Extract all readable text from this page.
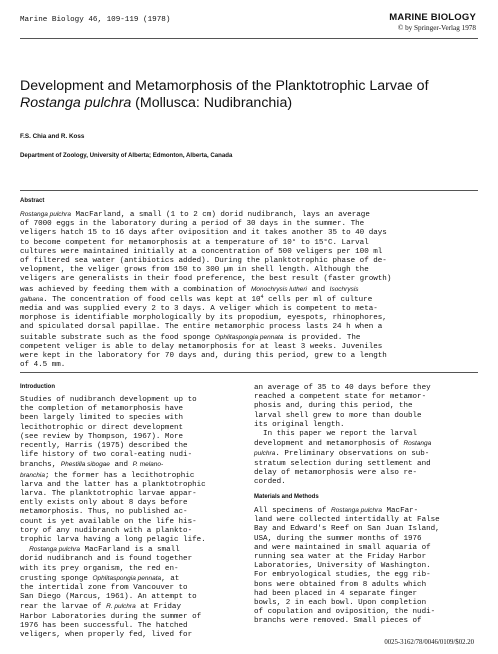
Marine Biology 46, 109-119 (1978)	MARINE BIOLOGY
© by Springer-Verlag 1978
Development and Metamorphosis of the Planktotrophic Larvae of
Rostanga pulchra (Mollusca: Nudibranchia)
F.S. Chia and R. Koss
Department of Zoology, University of Alberta; Edmonton, Alberta, Canada
Abstract
Rostanga pulchra MacFarland, a small (1 to 2 cm) dorid nudibranch, lays an average
of 7000 eggs in the laboratory during a period of 30 days in the summer. The
veligers hatch 15 to 16 days after oviposition and it takes another 35 to 40 days
to become competent for metamorphosis at a temperature of 10° to 15°C. Larval
cultures were maintained initially at a concentration of 500 veligers per 100 ml
of filtered sea water (antibiotics added). During the planktotrophic phase of de-
velopment, the veliger grows from 150 to 300 µm in shell length. Although the
veligers are generalists in their food preference, the best result (faster growth)
was achieved by feeding them with a combination of Monochrysis lutheri and Isochrysis
galbana. The concentration of food cells was kept at $10^4$ cells per ml of culture
media and was supplied every 2 to 3 days. A veliger which is competent to meta-
morphose is identifiable morphologically by its propodium, eyespots, rhinophores,
and spiculated dorsal papillae. The entire metamorphic process lasts 24 h when a
suitable substrate such as the food sponge Ophlitaspongia pennata is provided. The
competent veliger is able to delay metamorphosis for at least 3 weeks. Juveniles
were kept in the laboratory for 70 days and, during this period, grew to a length
of 4.5 mm.
Introduction
Studies of nudibranch development up to
the completion of metamorphosis have
been largely limited to species with
lecithotrophic or direct development
(see review by Thompson, 1967). More
recently, Harris (1975) described the
life history of two coral-eating nudi-
branchs, Phestilla sibogae and P. melano-
branchia; the former has a lecithotrophic
larva and the latter has a planktotrophic
larva. The planktotrophic larvae appar-
ently exists only about 8 days before
metamorphosis. Thus, no published ac-
count is yet available on the life his-
tory of any nudibranch with a plankto-
trophic larva having a long pelagic life.
Rostanga pulchra MacFarland is a small
dorid nudibranch and is found together
with its prey organism, the red en-
crusting sponge Ophlitaspongia pennata, at
the intertidal zone from Vancouver to
San Diego (Marcus, 1961). An attempt to
rear the larvae of R. pulchra at Friday
Harbor Laboratories during the summer of
1976 has been successful. The hatched
veligers, when properly fed, lived for
an average of 35 to 40 days before they
reached a competent state for metamor-
phosis and, during this period, the
larval shell grew to more than double
its original length.
In this paper we report the larval
development and metamorphosis of Rostanga
pulchra. Preliminary observations on sub-
stratum selection during settlement and
delay of metamorphosis were also re-
corded.
Materials and Methods
All specimens of Rostanga pulchra MacFar-
land were collected intertidally at False
Bay and Edward's Reef on San Juan Island,
USA, during the summer months of 1976
and were maintained in small aquaria of
running sea water at the Friday Harbor
Laboratories, University of Washington.
For embryological studies, the egg rib-
bons were obtained from 8 adults which
had been placed in 4 separate finger
bowls, 2 in each bowl. Upon completion
of copulation and oviposition, the nudi-
branchs were removed. Small pieces of
0025-3162/78/0046/0109/$02.20
